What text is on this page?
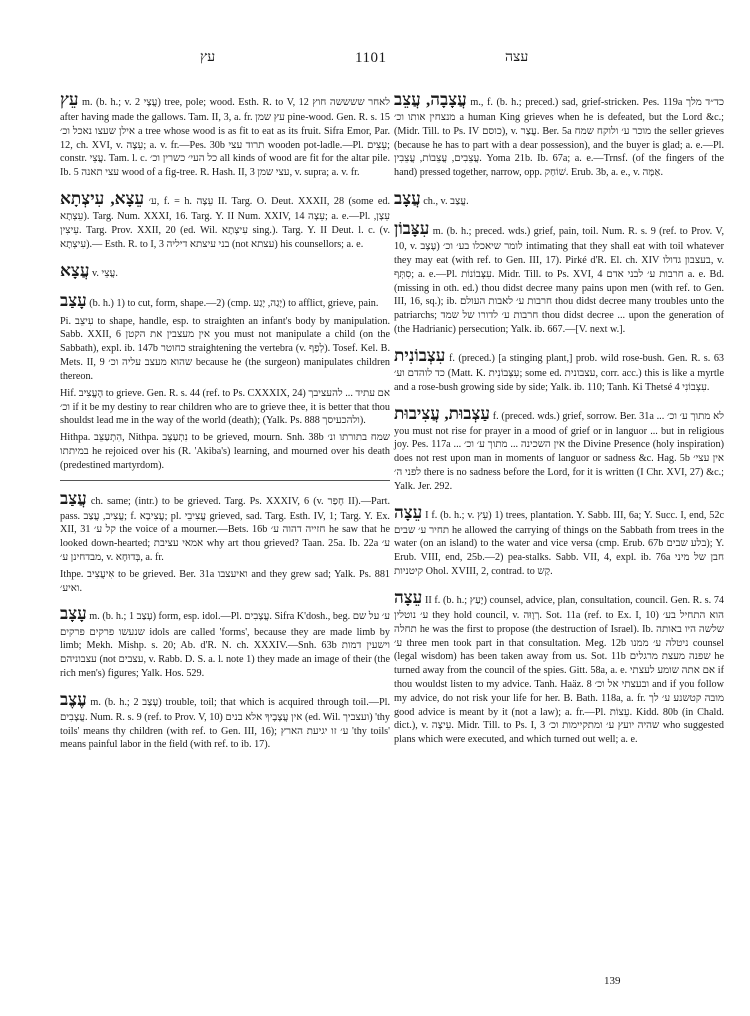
עץ	1101	עצה

עֵץ m. (b. h.; v. עֲצָי 2) tree, pole; wood. Esth. R. to V, 12 לאחר ששששה חוץ after having made the gallows. Tam. II, 3, a. fr. עץ שמן pine-wood. Gen. R. s. 15 אילן שעצו נאכל וכ׳ a tree whose wood is as fit to eat as its fruit. Sifra Emor, Par. 12, ch. XVI, v. עֵצָה; a. v. fr.—Pes. 30b תרוד עצי wooden pot-ladle.—Pl. עֵצִים; constr. עֲצֵי. Tam. l. c. כל העי׳ כשרין וכ׳ all kinds of wood are fit for the altar pile. Ib. 5 עצי תאנה wood of a fig-tree. R. Hash. II, 3 עצי שמן, v. supra; a. v. fr.

עֵצָא, עִיצְתָא ע׳, f. = h. עֵצָה II. Targ. O. Deut. XXXII, 28 (some ed. עֵצְתָא). Targ. Num. XXXI, 16. Targ. Y. II Num. XXIV, 14 עֵצָה; a. e.—Pl. עֵצָן, עֵיצִין. Targ. Prov. XXII, 20 (ed. Wil. עִיצְתָא sing.). Targ. Y. II Deut. l. c. (v. עִיצְתָא).— Esth. R. to I, 3 בני עיצתא דיליה (not עצתא) his counsellors; a. e.

עֲצָא v. עֲצֵי.

עָצַב (b. h.) 1) to cut, form, shape.—2) (cmp. יָגַה, יָגַע) to afflict, grieve, pain.

Pi. עִיצֵב to shape, handle, esp. to straighten an infant's body by manipulation. Sabb. XXII, 6 אין מעצבין את הקטן you must not manipulate a child (on the Sabbath), expl. ib. 147b כחוטר straightening the vertebra (v. לְפַף). Tosef. Kel. B. Mets. II, 9 שהוא מעצב עליה וכ׳ because he (the surgeon) manipulates children thereon.

Hif. הֶעֱצִיב to grieve. Gen. R. s. 44 (ref. to Ps. CXXXIX, 24) אם עתיד ... להעציבך וכ׳ if it be my destiny to rear children who are to grieve thee, it is better that thou shouldst lead me in the way of the world (death); (Yalk. Ps. 888 ולהכעיסך).

Hithpa. הִתְעַצֵּב, Nithpa. נִתְעַצֵּב to be grieved, mourn. Snh. 38b שמח בתורתו ונ׳ במיתתו he rejoiced over his (R. 'Akiba's) learning, and mourned over his death (predestined martyrdom).

עֲצַב ch. same; (intr.) to be grieved. Targ. Ps. XXXIV, 6 (v. חָפַר II).—Part. pass. עֲצִיב, עֲצַב; f. עֲצִיבָא; pl. עֲצִיבֵי grieved, sad. Targ. Esth. IV, 1; Targ. Y. Ex. XII, 31 קל ע׳ the voice of a mourner.—Bets. 16b חזייה דהוה ע׳ he saw that he looked down-hearted; אמאי עציבת why art thou grieved? Taan. 25a. Ib. 22a ע׳ מבדחינן ע׳, v. בְּדוּחָא, a. fr.

Ithpe. אִיעֲצִיב to be grieved. Ber. 31a ואיעצבו and they grew sad; Yalk. Ps. 881 ואיע׳.

עָצָב m. (b. h.; עָצַב 1) form, esp. idol.—Pl. עֲצָבִים. Sifra K'dosh., beg. ע׳ על שם שנעשו פרקים פרקים idols are called 'forms', because they are made limb by limb; Mekh. Mishp. s. 20; Ab. d'R. N. ch. XXXIV.—Snh. 63b וישעין דמות עצבוניהם (not עצבים, v. Rabb. D. S. a. l. note 1) they made an image of their (the rich men's) figures; Yalk. Hos. 529.

עֶצֶב m. (b. h.; עָצַב 2) trouble, toil; that which is acquired through toil.—Pl. עֲצָבִים. Num. R. s. 9 (ref. to Prov. V, 10) אין עֲצָבֶיךָ אלא בנים (ed. Wil. ועצביך) 'thy toils' means thy children (with ref. to Gen. III, 16); ע׳ זו יגיעת הארץ 'thy toils' means painful labor in the field (with ref. to ib. 17).

עֲצָבָה, עֲצֵב m., f. (b. h.; preced.) sad, grief-stricken. Pes. 119a כד״ד מלך מנצחין אותו וכ׳ a human King grieves when he is defeated, but the Lord &c.; (Midr. Till. to Ps. IV כוסם), v. עֲצַר. Ber. 5a מוכר ע׳ ולוקח שמח the seller grieves (because he has to part with a dear possession), and the buyer is glad; a. e.—Pl. עֲצֵבִים, עֲצֵבוֹת, עֲצֵבִין. Yoma 21b. Ib. 67a; a. e.—Trnsf. (of the fingers of the hand) pressed together, narrow, opp. שׁוֹחַק. Erub. 3b, a. e., v. אַמָּה.

עֲצָב ch., v. עֲצַב.

עִצָּבוֹן m. (b. h.; preced. wds.) grief, pain, toil. Num. R. s. 9 (ref. to Prov. V, 10, v. עֶצֶב) לומר שיאכלו בע׳ וכ׳ intimating that they shall eat with toil whatever they may eat (with ref. to Gen. III, 17). Pirké d'R. El. ch. XIV בעצבון גדולו, v. סִתְּף; a. e.—Pl. עִצְּבוֹנוֹת. Midr. Till. to Ps. XVI, 4 חרבות ע׳ לבני אדם a. e. Bd. (missing in oth. ed.) thou didst decree many pains upon men (with ref. to Gen. III, 16, sq.); ib. חרבות ע׳ לאבות העולם thou didst decree many troubles unto the patriarchs; חרבות ע׳ לדורו של שמד thou didst decree ... upon the generation of (the Hadrianic) persecution; Yalk. ib. 667.—[V. next w.].

עִצְבוֹנִית f. (preced.) [a stinging plant,] prob. wild rose-bush. Gen. R. s. 63 כד לוהדם וע׳ (Matt. K. עִצְּבוֹנִית; some ed. עצבונית, corr. acc.) this is like a myrtle and a rose-bush growing side by side; Yalk. ib. 110; Tanh. Ki Thetsé 4 עִצְבוֹנִי.

עַצְבוּת, עֲצִיבוּת f. (preced. wds.) grief, sorrow. Ber. 31a ... לא מתוך ע׳ וכ׳ you must not rise for prayer in a mood of grief or in languor ... but in religious joy. Pes. 117a ... אין השכינה ... מתוך ע׳ וכ׳ the Divine Presence (holy inspiration) does not rest upon man in moments of languor or sadness &c. Hag. 5b אין עצי׳ לפני ה׳ there is no sadness before the Lord, for it is written (I Chr. XVI, 27) &c.; Yalk. Jer. 292.

עֵצָה I f. (b. h.; v. עֵץ) 1) trees, plantation. Y. Sabb. III, 6a; Y. Succ. I, end, 52c תחיר ע׳ שבים he allowed the carrying of things on the Sabbath from trees in the water (on an island) to the water and vice versa (cmp. Erub. 67b בלע שבים); Y. Erub. VIII, end, 25b.—2) pea-stalks. Sabb. VII, 4, expl. ib. 76a חבן של מיני קיטניות Ohol. XVIII, 2, contrad. to קַש.

עֵצָה II f. (b. h.; יָעַץ) counsel, advice, plan, consultation, council. Gen. R. s. 74 ע׳ נוטלין they hold council, v. רְוָוּה. Sot. 11a (ref. to Ex. I, 10) הוא התחיל בע׳ תחלה he was the first to propose (the destruction of Israel). Ib. שלשה היו באותה ע׳ three men took part in that consultation. Meg. 12b ניטלה ע׳ ממנו counsel (legal wisdom) has been taken away from us. Sot. 11b שפנה מעצת מרגלים he turned away from the council of the spies. Gitt. 58a, a. e. אם אתה שומע לעצתי if thou wouldst listen to my advice. Tanh. Haäz. 8 ובעצתי אל וכ׳ and if you follow my advice, do not risk your life for her. B. Bath. 118a, a. fr. מובה קטשנע ע׳ לך good advice is meant by it (not a law); a. fr.—Pl. עֵצוֹת. Kidd. 80b (in Chald. dict.), v. עֵיצָה. Midr. Till. to Ps. I, 3 שהיה יועץ ע׳ ומתקיימות וכ׳ who suggested plans which were executed, and which turned out well; a. e.

139
